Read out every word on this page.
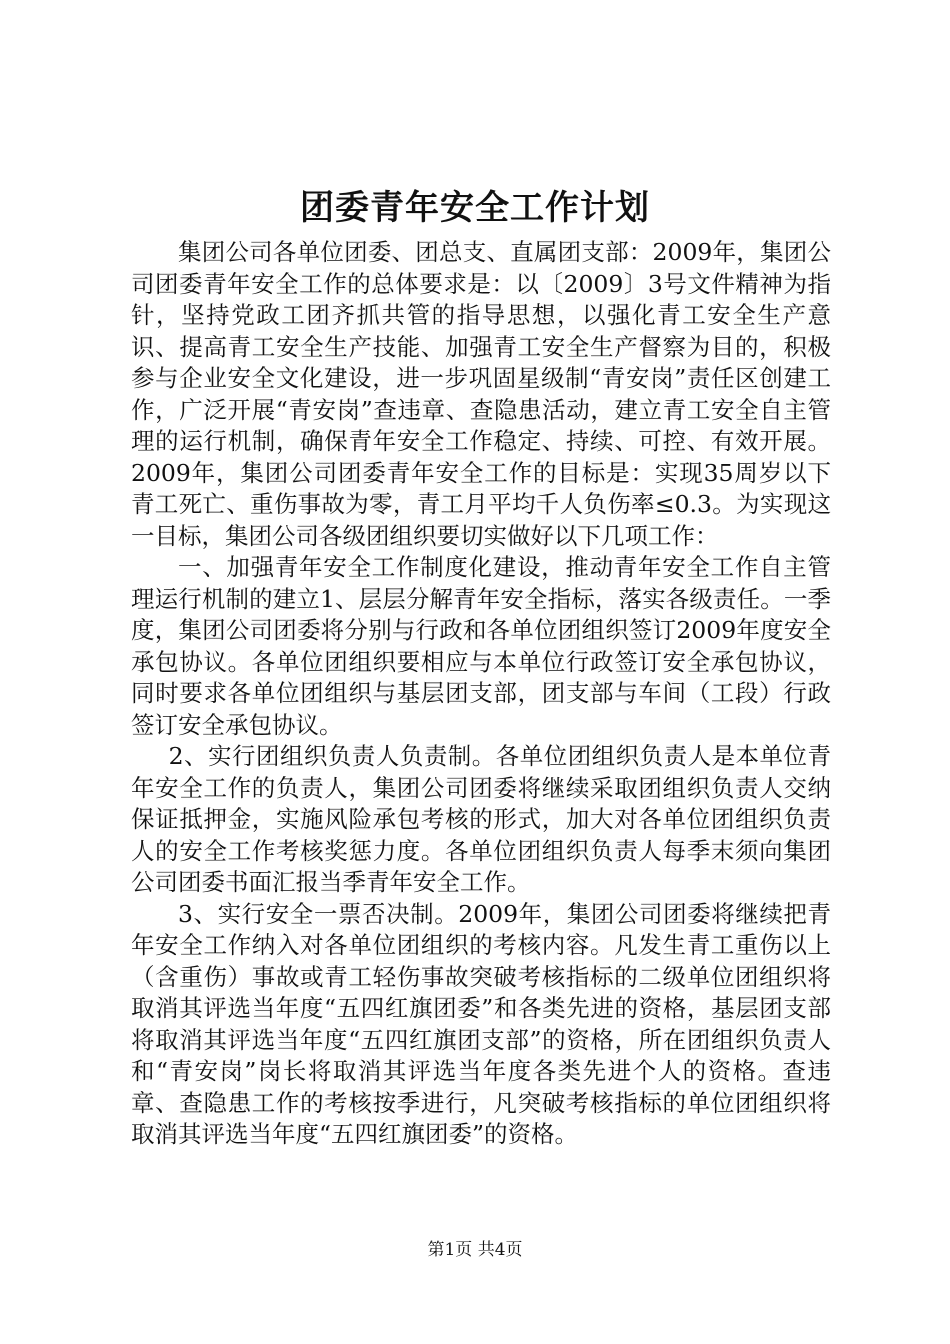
团委青年安全工作计划

集团公司各单位团委、团总支、直属团支部：2009年，集团公司团委青年安全工作的总体要求是：以〔2009〕3号文件精神为指针，坚持党政工团齐抓共管的指导思想，以强化青工安全生产意识、提高青工安全生产技能、加强青工安全生产督察为目的，积极参与企业安全文化建设，进一步巩固星级制“青安岗”责任区创建工作，广泛开展“青安岗”查违章、查隐患活动，建立青工安全自主管理的运行机制，确保青年安全工作稳定、持续、可控、有效开展。2009年，集团公司团委青年安全工作的目标是：实现35周岁以下青工死亡、重伤事故为零，青工月平均千人负伤率≤0.3。为实现这一目标，集团公司各级团组织要切实做好以下几项工作：

一、加强青年安全工作制度化建设，推动青年安全工作自主管理运行机制的建立1、层层分解青年安全指标，落实各级责任。一季度，集团公司团委将分别与行政和各单位团组织签订2009年度安全承包协议。各单位团组织要相应与本单位行政签订安全承包协议，同时要求各单位团组织与基层团支部，团支部与车间（工段）行政签订安全承包协议。

2、实行团组织负责人负责制。各单位团组织负责人是本单位青年安全工作的负责人，集团公司团委将继续采取团组织负责人交纳保证抵押金，实施风险承包考核的形式，加大对各单位团组织负责人的安全工作考核奖惩力度。各单位团组织负责人每季末须向集团公司团委书面汇报当季青年安全工作。

3、实行安全一票否决制。2009年，集团公司团委将继续把青年安全工作纳入对各单位团组织的考核内容。凡发生青工重伤以上（含重伤）事故或青工轻伤事故突破考核指标的二级单位团组织将取消其评选当年度“五四红旗团委”和各类先进的资格，基层团支部将取消其评选当年度“五四红旗团支部”的资格，所在团组织负责人和“青安岗”岗长将取消其评选当年度各类先进个人的资格。查违章、查隐患工作的考核按季进行，凡突破考核指标的单位团组织将取消其评选当年度“五四红旗团委”的资格。

第1页 共4页
